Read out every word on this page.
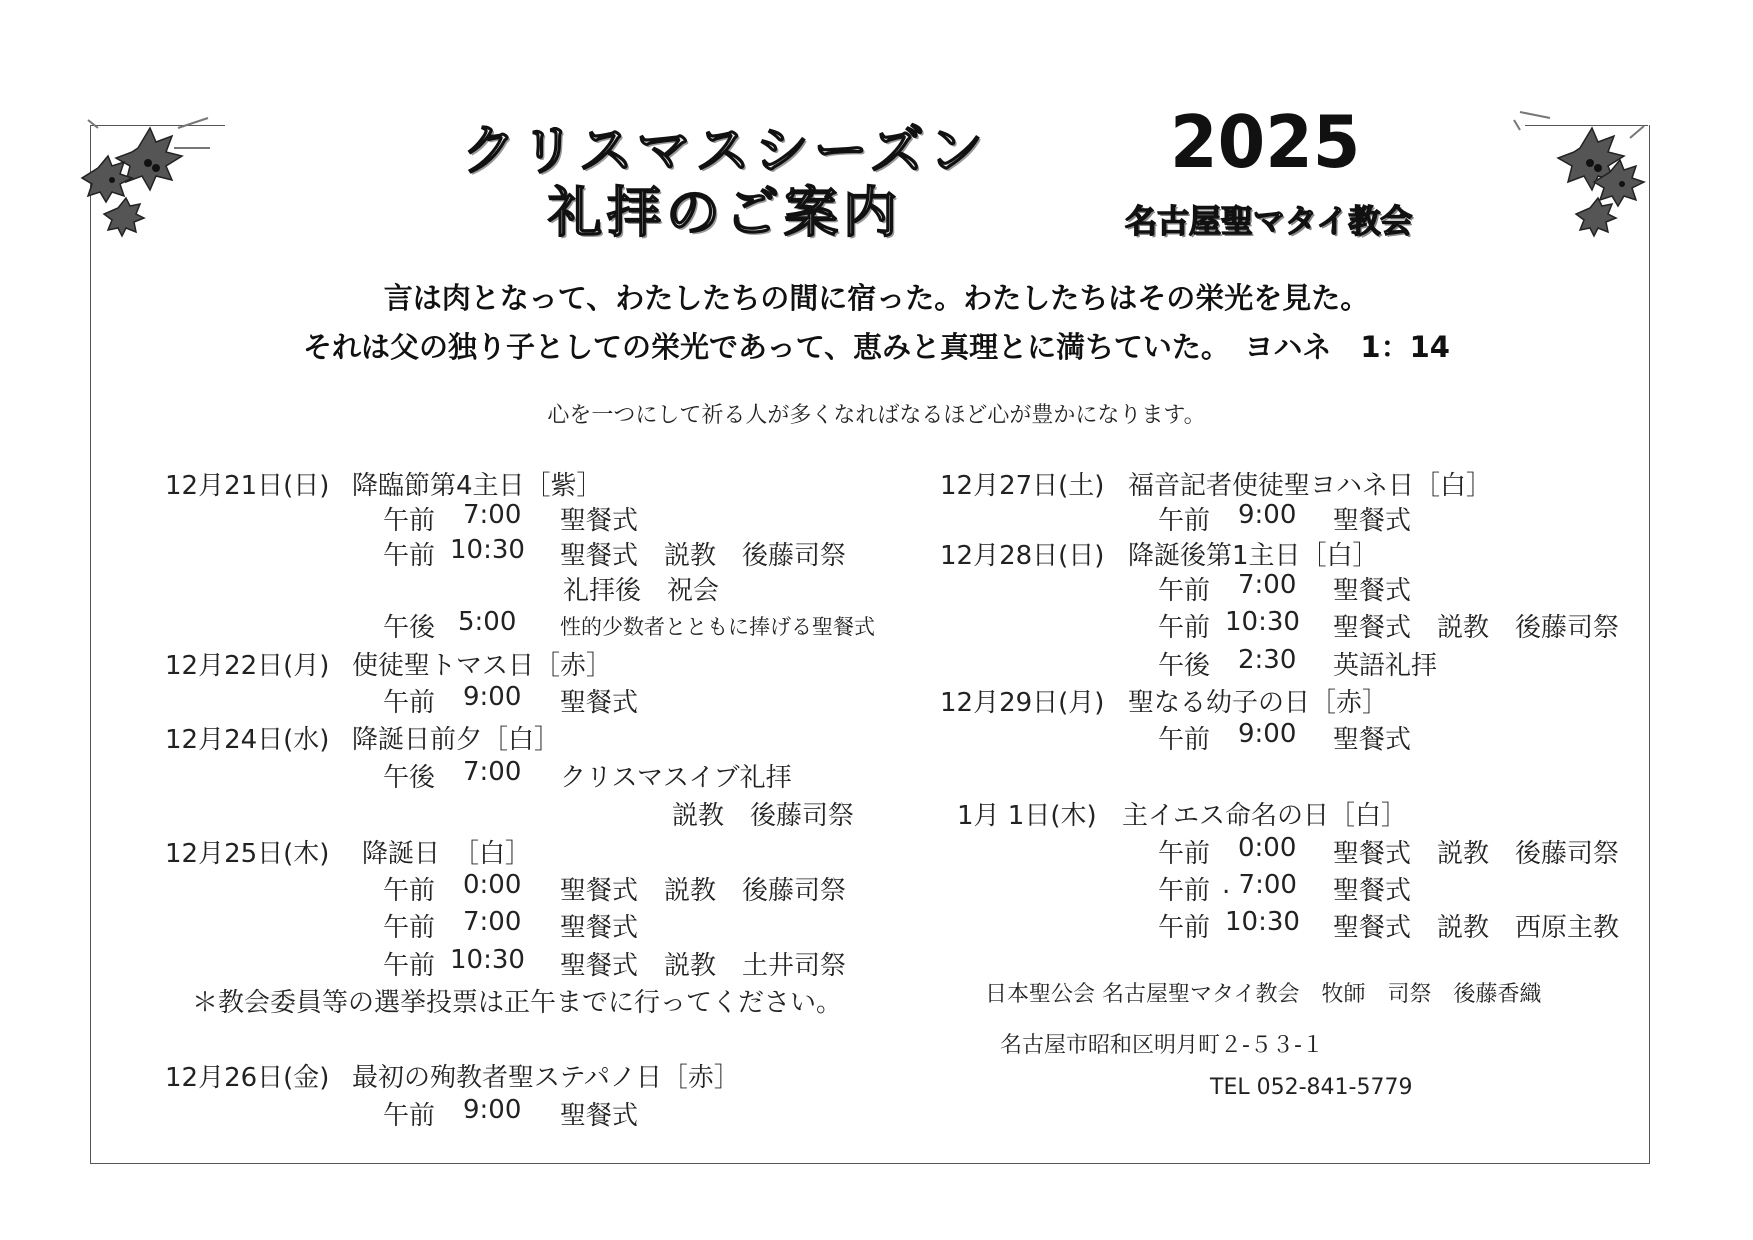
クリスマスシーズン
礼拝のご案内
2025
名古屋聖マタイ教会
言は肉となって、わたしたちの間に宿った。わたしたちはその栄光を見た。
それは父の独り子としての栄光であって、恵みと真理とに満ちていた。　ヨハネ　1：14
心を一つにして祈る人が多くなればなるほど心が豊かになります。
12月21日(日) 降臨節第4主日［紫］
午前 7:00 聖餐式
午前 10:30 聖餐式　説教　後藤司祭
礼拝後　祝会
午後 5:00 性的少数者とともに捧げる聖餐式
12月22日(月) 使徒聖トマス日［赤］
午前 9:00 聖餐式
12月24日(水) 降誕日前夕［白］
午後 7:00 クリスマスイブ礼拝
説教　後藤司祭
12月25日(木) 降誕日　［白］
午前 0:00 聖餐式　説教　後藤司祭
午前 7:00 聖餐式
午前 10:30 聖餐式　説教　土井司祭
＊教会委員等の選挙投票は正午までに行ってください。
12月26日(金) 最初の殉教者聖ステパノ日［赤］
午前 9:00 聖餐式
12月27日(土) 福音記者使徒聖ヨハネ日［白］
午前 9:00 聖餐式
12月28日(日) 降誕後第1主日［白］
午前 7:00 聖餐式
午前 10:30 聖餐式　説教　後藤司祭
午後 2:30 英語礼拝
12月29日(月) 聖なる幼子の日［赤］
午前 9:00 聖餐式
1月 1日(木) 主イエス命名の日［白］
午前 0:00 聖餐式　説教　後藤司祭
午前 . 7:00 聖餐式
午前 10:30 聖餐式　説教　西原主教
日本聖公会 名古屋聖マタイ教会　牧師　司祭　後藤香織
名古屋市昭和区明月町２-５３-１
TEL 052-841-5779
